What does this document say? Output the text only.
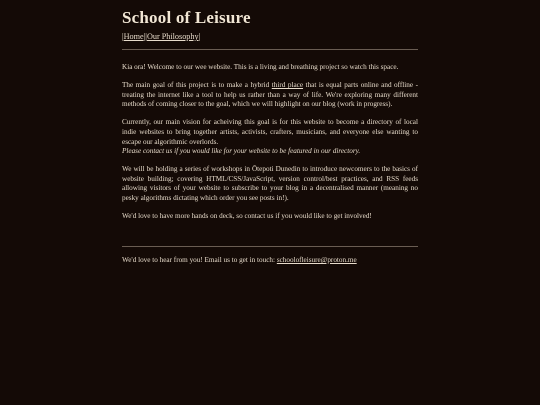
School of Leisure
|Home||Our Philosophy|

Kia ora! Welcome to our wee website. This is a living and breathing project so watch this space.

The main goal of this project is to make a hybrid third place that is equal parts online and offline - treating the internet like a tool to help us rather than a way of life. We're exploring many different methods of coming closer to the goal, which we will highlight on our blog (work in progress).

Currently, our main vision for acheiving this goal is for this website to become a directory of local indie websites to bring together artists, activists, crafters, musicians, and everyone else wanting to escape our algorithmic overlords.
Please contact us if you would like for your website to be featured in our directory.

We will be holding a series of workshops in Ōtepoti Dunedin to introduce newcomers to the basics of website building; covering HTML/CSS/JavaScript, version control/best practices, and RSS feeds allowing visitors of your website to subscribe to your blog in a decentralised manner (meaning no pesky algorithms dictating which order you see posts in!).

We'd love to have more hands on deck, so contact us if you would like to get involved!

We'd love to hear from you! Email us to get in touch: schoolofleisure@proton.me
